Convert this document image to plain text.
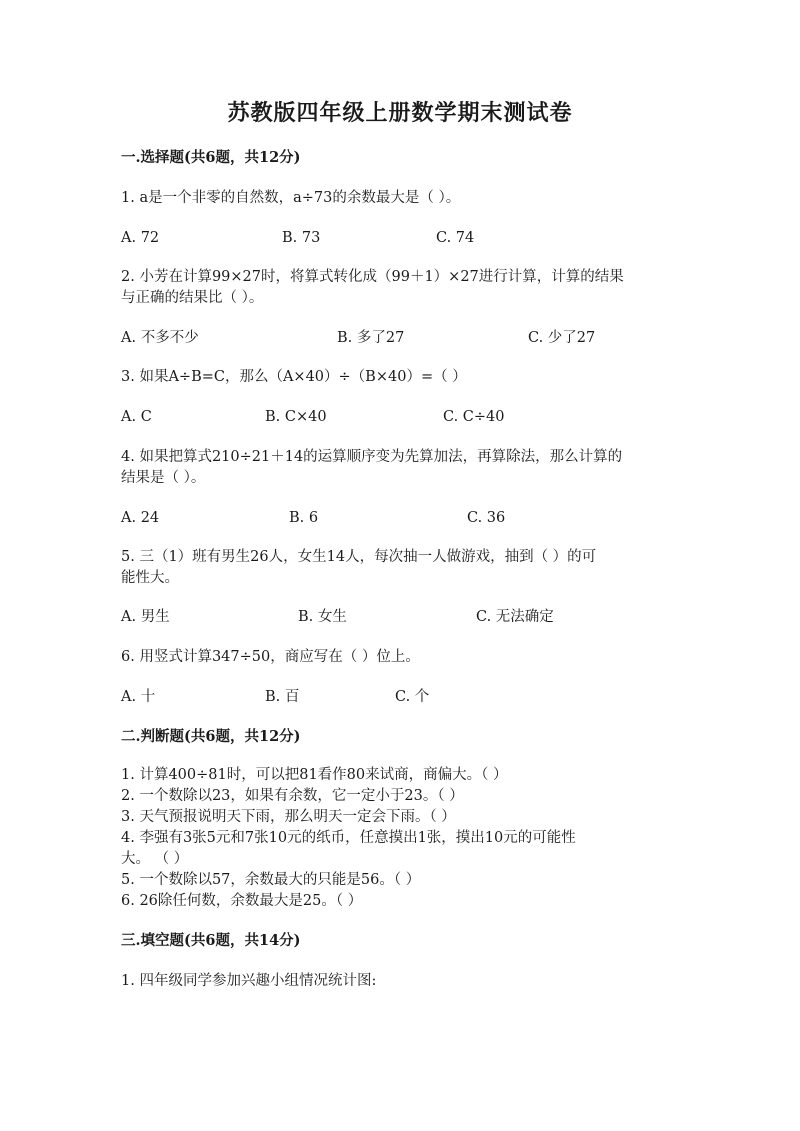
苏教版四年级上册数学期末测试卷
一.选择题(共6题，共12分)
1. a是一个非零的自然数，a÷73的余数最大是（ ）。
A. 72	B. 73	C. 74
2. 小芳在计算99×27时，将算式转化成（99＋1）×27进行计算，计算的结果
与正确的结果比（ ）。
A. 不多不少	B. 多了27	C. 少了27
3. 如果A÷B=C，那么（A×40）÷（B×40）=（ ）
A. C	B. C×40	C. C÷40
4. 如果把算式210÷21＋14的运算顺序变为先算加法，再算除法，那么计算的
结果是（ ）。
A. 24	B. 6	C. 36
5. 三（1）班有男生26人，女生14人，每次抽一人做游戏，抽到（ ）的可
能性大。
A. 男生	B. 女生	C. 无法确定
6. 用竖式计算347÷50，商应写在（ ）位上。
A. 十	B. 百	C. 个
二.判断题(共6题，共12分)
1. 计算400÷81时，可以把81看作80来试商，商偏大。（ ）
2. 一个数除以23，如果有余数，它一定小于23。（ ）
3. 天气预报说明天下雨，那么明天一定会下雨。（ ）
4. 李强有3张5元和7张10元的纸币，任意摸出1张，摸出10元的可能性
大。 （ ）
5. 一个数除以57，余数最大的只能是56。（ ）
6. 26除任何数，余数最大是25。（ ）
三.填空题(共6题，共14分)
1. 四年级同学参加兴趣小组情况统计图:
